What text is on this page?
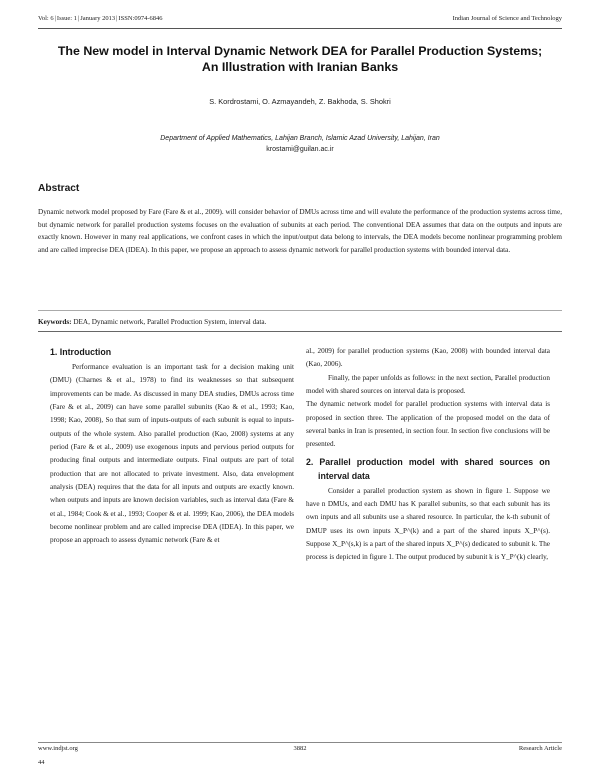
Vol: 6|Issue: 1|January 2013|ISSN:0974-6846	Indian Journal of Science and Technology
The New model in Interval Dynamic Network DEA for Parallel Production Systems;
An Illustration with Iranian Banks
S. Kordrostami, O. Azmayandeh, Z. Bakhoda, S. Shokri
Department of Applied Mathematics, Lahijan Branch, Islamic Azad University, Lahijan, Iran
krostami@guilan.ac.ir
Abstract
Dynamic network model proposed by Fare (Fare & et al., 2009). will consider behavior of DMUs across time and will evalute the performance of the production systems across time, but dynamic network for parallel production systems focuses on the evaluation of subunits at each period. The conventional DEA assumes that data on the outputs and inputs are exactly known. However in many real applications, we confront cases in which the input/output data belong to intervals, the DEA models become nonlinear programming problem and are called imprecise DEA (IDEA). In this paper, we propose an approach to assess dynamic network for parallel production systems with bounded interval data.
Keywords: DEA, Dynamic network, Parallel Production System, interval data.
1. Introduction

Performance evaluation is an important task for a decision making unit (DMU) (Charnes & et al., 1978) to find its weaknesses so that subsequent improvements can be made. As discussed in many DEA studies, DMUs across time (Fare & et al., 2009) can have some parallel subunits (Kao & et al., 1993; Kao, 1998; Kao, 2008), So that sum of inputs-outputs of each subunit is equal to inputs-outputs of the whole system. Also parallel production (Kao, 2008) systems at any period (Fare & et al., 2009) use exogenous inputs and pervious period outputs for producing final outputs and intermediate outputs. Final outputs are part of total production that are not allocated to private investment. Also, data envelopment analysis (DEA) requires that the data for all inputs and outputs are exactly known. when outputs and inputs are known decision variables, such as interval data (Fare & et al., 1984; Cook & et al., 1993; Cooper & et al. 1999; Kao, 2006), the DEA models become nonlinear problem and are called imprecise DEA (IDEA). In this paper, we propose an approach to assess dynamic network (Fare & et

al., 2009) for parallel production systems (Kao, 2008) with bounded interval data (Kao, 2006).

Finally, the paper unfolds as follows: in the next section, Parallel production model with shared sources on interval data is proposed.

The dynamic network model for parallel production systems with interval data is proposed in section three. The application of the proposed model on the data of several banks in Iran is presented, in section four. In section five conclusions will be presented.

2. Parallel production model with shared sources on interval data

Consider a parallel production system as shown in figure 1. Suppose we have n DMUs, and each DMU has K parallel subunits, so that each subunit has its own inputs and all subunits use a shared resource. In particular, the k-th subunit of DMUP uses its own inputs X_P^(k) and a part of the shared inputs X_P^(s). Suppose X_P^(s,k) is a part of the shared inputs X_P^(s) dedicated to subunit k. The process is depicted in figure 1. The output produced by subunit k is Y_P^(k) clearly,

www.indjst.org	3882	Research Article
44
